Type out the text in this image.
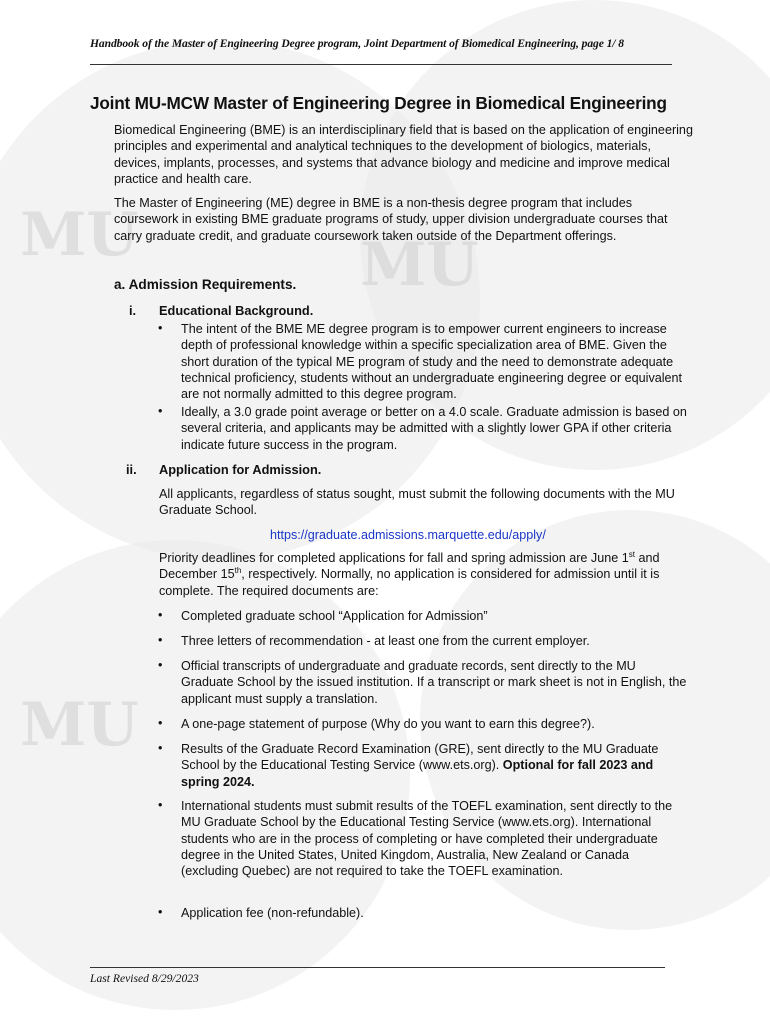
MU	MU
MU
Handbook of the Master of Engineering Degree program, Joint Department of Biomedical Engineering, page 1/ 8
Joint MU-MCW Master of Engineering Degree in Biomedical Engineering
Biomedical Engineering (BME) is an interdisciplinary field that is based on the application of engineering principles and experimental and analytical techniques to the development of biologics, materials, devices, implants, processes, and systems that advance biology and medicine and improve medical practice and health care.
The Master of Engineering (ME) degree in BME is a non-thesis degree program that includes coursework in existing BME graduate programs of study, upper division undergraduate courses that carry graduate credit, and graduate coursework taken outside of the Department offerings.
a. Admission Requirements.
i. Educational Background.
• The intent of the BME ME degree program is to empower current engineers to increase depth of professional knowledge within a specific specialization area of BME. Given the short duration of the typical ME program of study and the need to demonstrate adequate technical proficiency, students without an undergraduate engineering degree or equivalent are not normally admitted to this degree program.
• Ideally, a 3.0 grade point average or better on a 4.0 scale. Graduate admission is based on several criteria, and applicants may be admitted with a slightly lower GPA if other criteria indicate future success in the program.
ii. Application for Admission.
All applicants, regardless of status sought, must submit the following documents with the MU Graduate School.
https://graduate.admissions.marquette.edu/apply/
Priority deadlines for completed applications for fall and spring admission are June 1st and December 15th, respectively. Normally, no application is considered for admission until it is complete. The required documents are:
• Completed graduate school “Application for Admission”
• Three letters of recommendation - at least one from the current employer.
• Official transcripts of undergraduate and graduate records, sent directly to the MU Graduate School by the issued institution. If a transcript or mark sheet is not in English, the applicant must supply a translation.
• A one-page statement of purpose (Why do you want to earn this degree?).
• Results of the Graduate Record Examination (GRE), sent directly to the MU Graduate School by the Educational Testing Service (www.ets.org). Optional for fall 2023 and spring 2024.
• International students must submit results of the TOEFL examination, sent directly to the MU Graduate School by the Educational Testing Service (www.ets.org). International students who are in the process of completing or have completed their undergraduate degree in the United States, United Kingdom, Australia, New Zealand or Canada (excluding Quebec) are not required to take the TOEFL examination.
• Application fee (non-refundable).
Last Revised 8/29/2023
